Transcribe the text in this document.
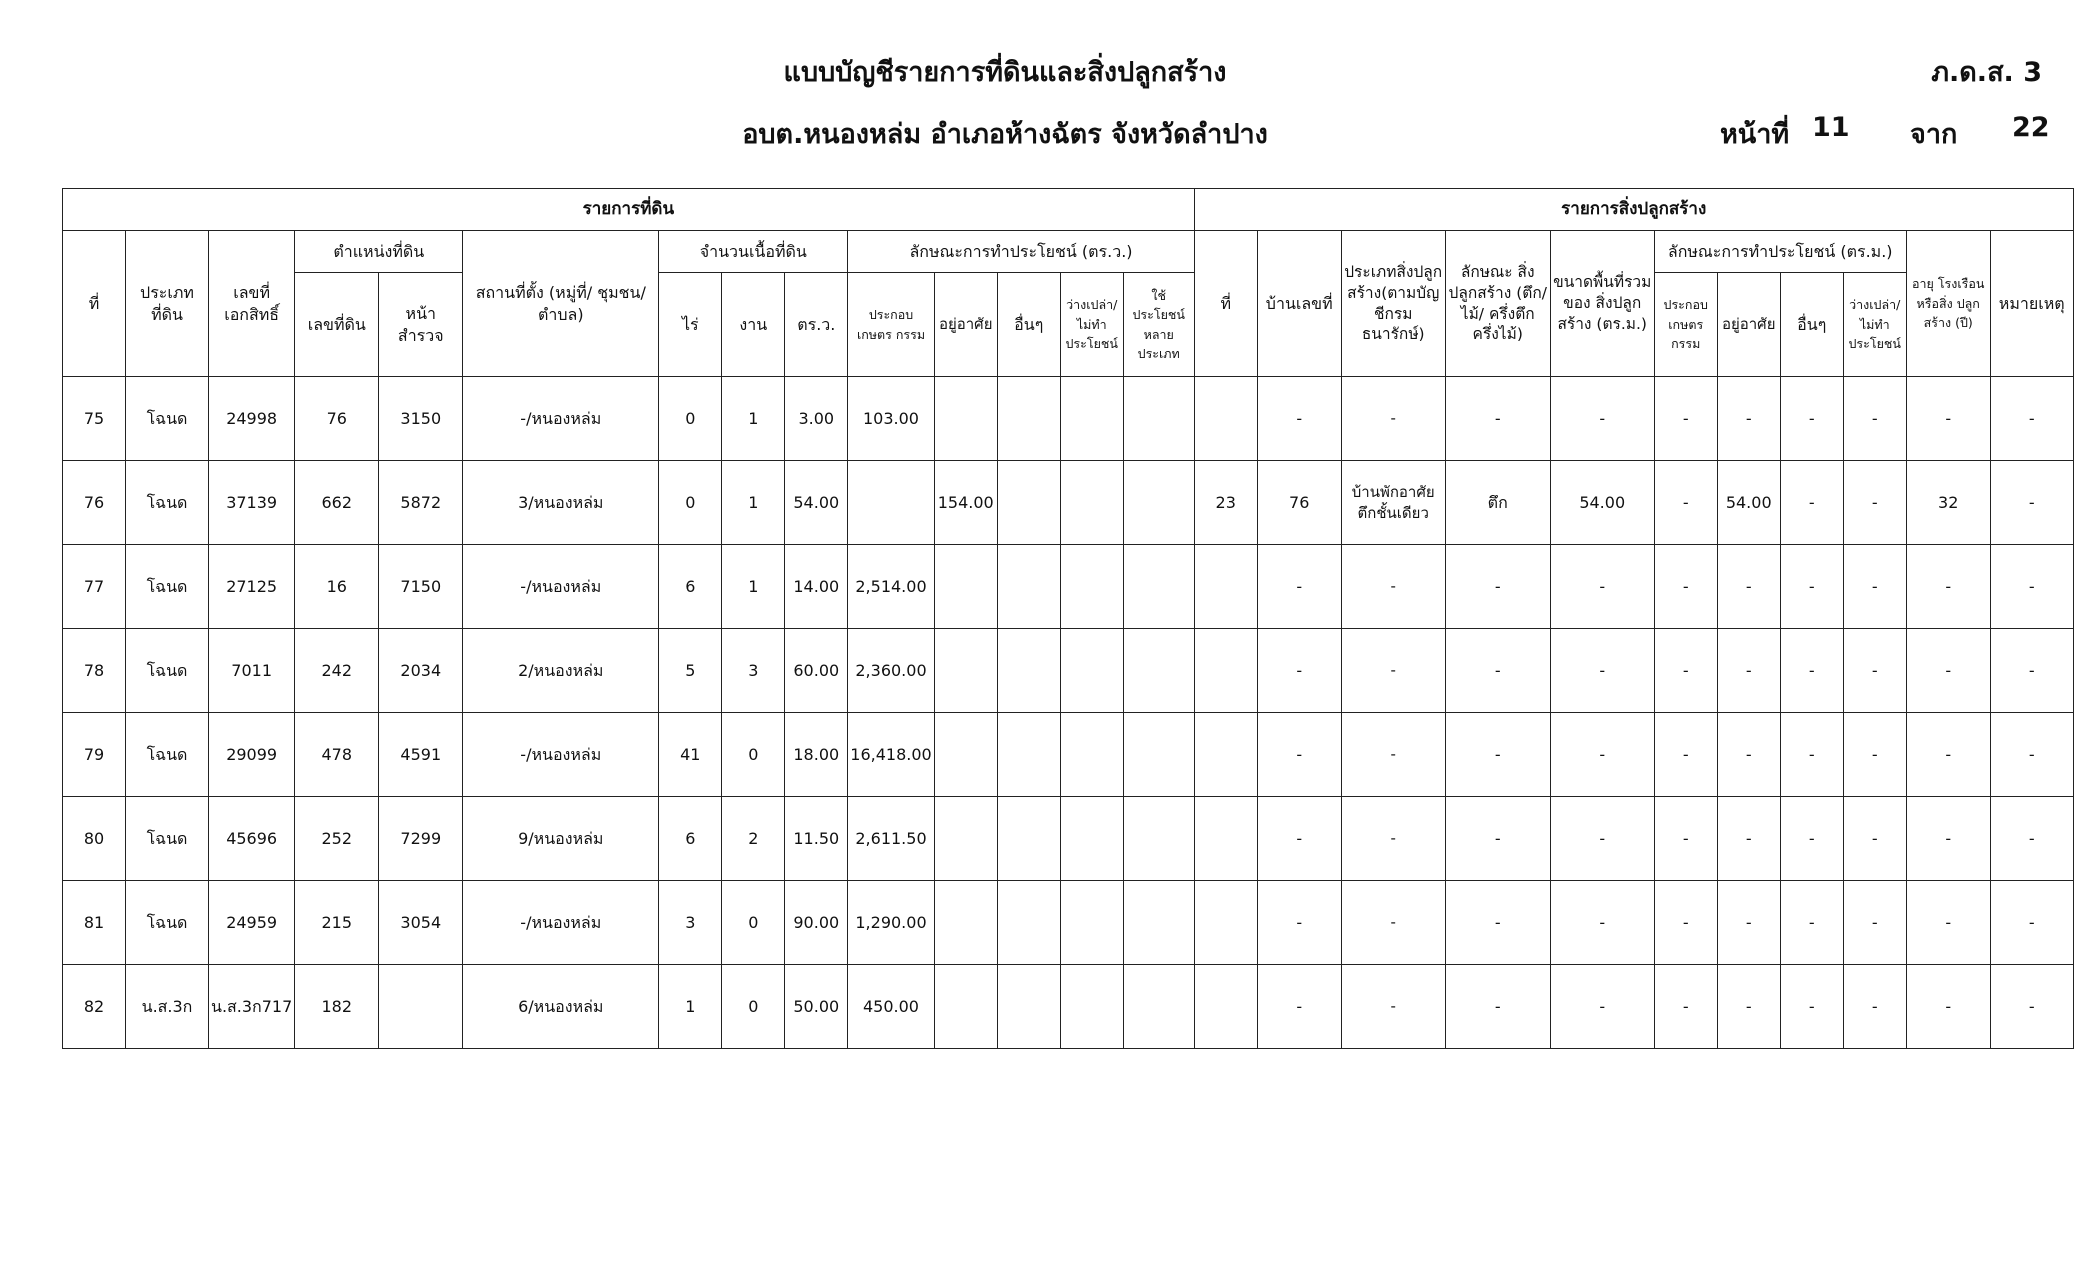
แบบบัญชีรายการที่ดินและสิ่งปลูกสร้าง
อบต.หนองหล่ม อำเภอห้างฉัตร จังหวัดลำปาง
ภ.ด.ส. 3
หน้าที่ 11 จาก 22
รายการที่ดิน														รายการสิ่งปลูกสร้าง										
ที่	ประเภท ที่ดิน	เลขที่ เอกสิทธิ์	ตำแหน่งที่ดิน		สถานที่ตั้ง (หมู่ที่/ ชุมชน/ ตำบล)	จำนวนเนื้อที่ดิน			ลักษณะการทำประโยชน์ (ตร.ว.)					ที่	บ้านเลขที่	ประเภทสิ่งปลูก สร้าง(ตามบัญ ชีกรมธนารักษ์)	ลักษณะ สิ่งปลูกสร้าง (ตึก/ไม้/ ครึ่งตึกครึ่งไม้)	ขนาดพื้นที่รวม ของ สิ่งปลูกสร้าง (ตร.ม.)	ลักษณะการทำประโยชน์ (ตร.ม.)				อายุ โรงเรือน หรือสิ่ง ปลูกสร้าง (ปี)	หมายเหตุ
			เลขที่ดิน	หน้า สำรวจ		ไร่	งาน	ตร.ว.	ประกอบ เกษตร กรรม	อยู่อาศัย	อื่นๆ	ว่างเปล่า/ ไม่ทำ ประโยชน์	ใช้ประโยชน์ หลาย ประเภท						ประกอบ เกษตร กรรม	อยู่อาศัย	อื่นๆ	ว่างเปล่า/ ไม่ทำ ประโยชน์		
75	โฉนด	24998	76	3150	-/หนองหล่ม	0	1	3.00	103.00						-	-	-	-	-	-	-	-	-	-
76	โฉนด	37139	662	5872	3/หนองหล่ม	0	1	54.00		154.00				23	76	บ้านพักอาศัยตึกชั้นเดียว	ตึก	54.00	-	54.00	-	-	32	-
77	โฉนด	27125	16	7150	-/หนองหล่ม	6	1	14.00	2,514.00						-	-	-	-	-	-	-	-	-	-
78	โฉนด	7011	242	2034	2/หนองหล่ม	5	3	60.00	2,360.00						-	-	-	-	-	-	-	-	-	-
79	โฉนด	29099	478	4591	-/หนองหล่ม	41	0	18.00	16,418.00						-	-	-	-	-	-	-	-	-	-
80	โฉนด	45696	252	7299	9/หนองหล่ม	6	2	11.50	2,611.50						-	-	-	-	-	-	-	-	-	-
81	โฉนด	24959	215	3054	-/หนองหล่ม	3	0	90.00	1,290.00						-	-	-	-	-	-	-	-	-	-
82	น.ส.3ก	น.ส.3ก717	182		6/หนองหล่ม	1	0	50.00	450.00						-	-	-	-	-	-	-	-	-	-
